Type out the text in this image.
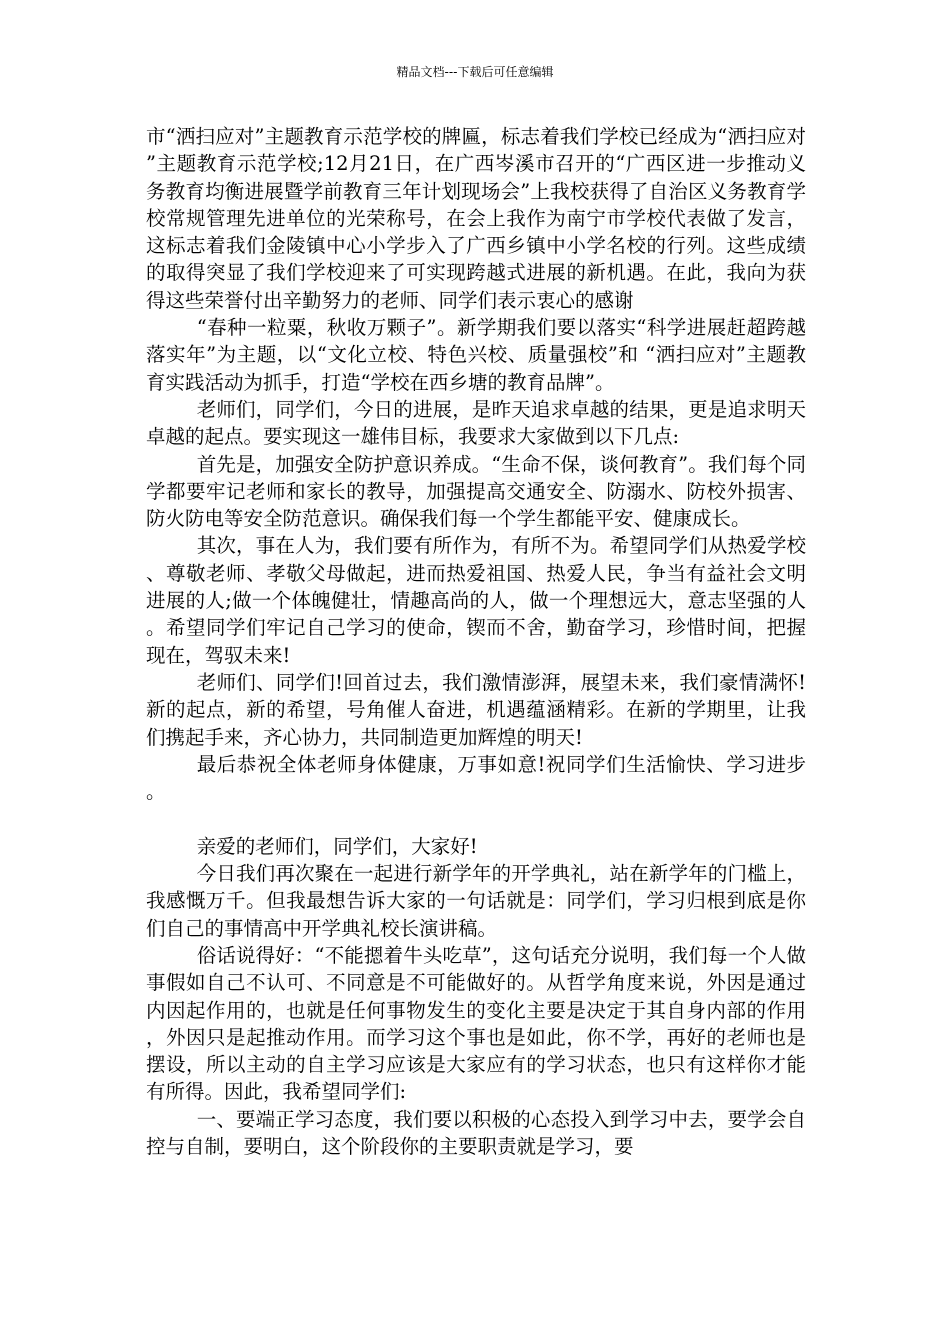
精品文档---下载后可任意编辑

市“洒扫应对”主题教育示范学校的牌匾，标志着我们学校已经成为“洒扫应对”主题教育示范学校;12月21日，在广西岑溪市召开的“广西区进一步推动义务教育均衡进展暨学前教育三年计划现场会”上我校获得了自治区义务教育学校常规管理先进单位的光荣称号，在会上我作为南宁市学校代表做了发言，这标志着我们金陵镇中心小学步入了广西乡镇中小学名校的行列。这些成绩的取得突显了我们学校迎来了可实现跨越式进展的新机遇。在此，我向为获得这些荣誉付出辛勤努力的老师、同学们表示衷心的感谢

“春种一粒粟，秋收万颗子”。新学期我们要以落实“科学进展赶超跨越落实年”为主题，以“文化立校、特色兴校、质量强校”和 “洒扫应对”主题教育实践活动为抓手，打造“学校在西乡塘的教育品牌”。

老师们，同学们，今日的进展，是昨天追求卓越的结果，更是追求明天卓越的起点。要实现这一雄伟目标，我要求大家做到以下几点:

首先是，加强安全防护意识养成。“生命不保，谈何教育”。我们每个同学都要牢记老师和家长的教导，加强提高交通安全、防溺水、防校外损害、防火防电等安全防范意识。确保我们每一个学生都能平安、健康成长。

其次，事在人为，我们要有所作为，有所不为。希望同学们从热爱学校、尊敬老师、孝敬父母做起，进而热爱祖国、热爱人民，争当有益社会文明进展的人;做一个体魄健壮，情趣高尚的人，做一个理想远大，意志坚强的人。希望同学们牢记自己学习的使命，锲而不舍，勤奋学习，珍惜时间，把握现在，驾驭未来!

老师们、同学们!回首过去，我们激情澎湃，展望未来，我们豪情满怀!新的起点，新的希望，号角催人奋进，机遇蕴涵精彩。在新的学期里，让我们携起手来，齐心协力，共同制造更加辉煌的明天!

最后恭祝全体老师身体健康，万事如意!祝同学们生活愉快、学习进步。

亲爱的老师们，同学们，大家好!

今日我们再次聚在一起进行新学年的开学典礼，站在新学年的门槛上，我感慨万千。但我最想告诉大家的一句话就是：同学们，学习归根到底是你们自己的事情高中开学典礼校长演讲稿。

俗话说得好：“不能摁着牛头吃草”，这句话充分说明，我们每一个人做事假如自己不认可、不同意是不可能做好的。从哲学角度来说，外因是通过内因起作用的，也就是任何事物发生的变化主要是决定于其自身内部的作用，外因只是起推动作用。而学习这个事也是如此，你不学，再好的老师也是摆设，所以主动的自主学习应该是大家应有的学习状态，也只有这样你才能有所得。因此，我希望同学们:

一、要端正学习态度，我们要以积极的心态投入到学习中去，要学会自控与自制，要明白，这个阶段你的主要职责就是学习，要
